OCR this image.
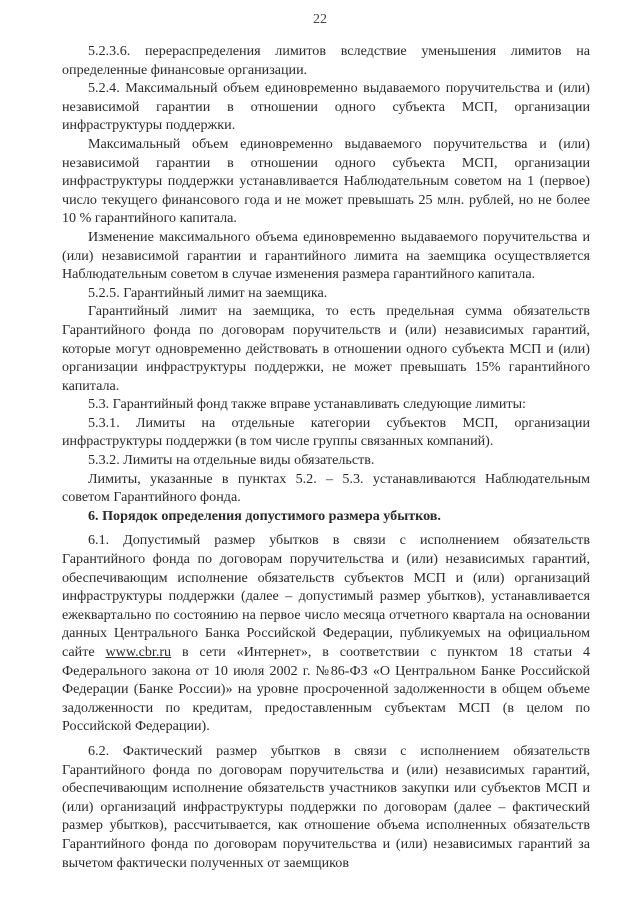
22

5.2.3.6. перераспределения лимитов вследствие уменьшения лимитов на определенные финансовые организации.

5.2.4. Максимальный объем единовременно выдаваемого поручительства и (или) независимой гарантии в отношении одного субъекта МСП, организации инфраструктуры поддержки.

Максимальный объем единовременно выдаваемого поручительства и (или) независимой гарантии в отношении одного субъекта МСП, организации инфраструктуры поддержки устанавливается Наблюдательным советом на 1 (первое) число текущего финансового года и не может превышать 25 млн. рублей, но не более 10 % гарантийного капитала.

Изменение максимального объема единовременно выдаваемого поручительства и (или) независимой гарантии и гарантийного лимита на заемщика осуществляется Наблюдательным советом в случае изменения размера гарантийного капитала.

5.2.5. Гарантийный лимит на заемщика.

Гарантийный лимит на заемщика, то есть предельная сумма обязательств Гарантийного фонда по договорам поручительств и (или) независимых гарантий, которые могут одновременно действовать в отношении одного субъекта МСП и (или) организации инфраструктуры поддержки, не может превышать 15% гарантийного капитала.

5.3. Гарантийный фонд также вправе устанавливать следующие лимиты:

5.3.1. Лимиты на отдельные категории субъектов МСП, организации инфраструктуры поддержки (в том числе группы связанных компаний).

5.3.2. Лимиты на отдельные виды обязательств.

Лимиты, указанные в пунктах 5.2. – 5.3. устанавливаются Наблюдательным советом Гарантийного фонда.

6. Порядок определения допустимого размера убытков.

6.1. Допустимый размер убытков в связи с исполнением обязательств Гарантийного фонда по договорам поручительства и (или) независимых гарантий, обеспечивающим исполнение обязательств субъектов МСП и (или) организаций инфраструктуры поддержки (далее – допустимый размер убытков), устанавливается ежеквартально по состоянию на первое число месяца отчетного квартала на основании данных Центрального Банка Российской Федерации, публикуемых на официальном сайте www.cbr.ru в сети «Интернет», в соответствии с пунктом 18 статьи 4 Федерального закона от 10 июля 2002 г. №86-ФЗ «О Центральном Банке Российской Федерации (Банке России)» на уровне просроченной задолженности в общем объеме задолженности по кредитам, предоставленным субъектам МСП (в целом по Российской Федерации).

6.2. Фактический размер убытков в связи с исполнением обязательств Гарантийного фонда по договорам поручительства и (или) независимых гарантий, обеспечивающим исполнение обязательств участников закупки или субъектов МСП и (или) организаций инфраструктуры поддержки по договорам (далее – фактический размер убытков), рассчитывается, как отношение объема исполненных обязательств Гарантийного фонда по договорам поручительства и (или) независимых гарантий за вычетом фактически полученных от заемщиков
